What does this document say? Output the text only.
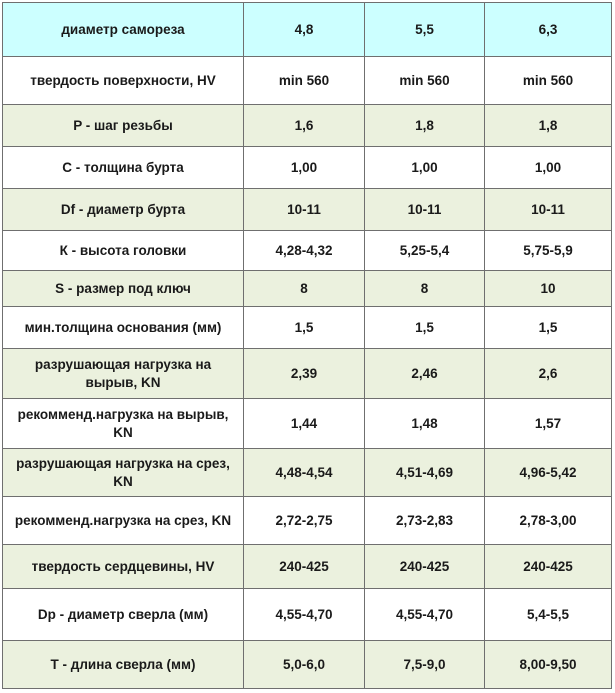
диаметр самореза	4,8	5,5	6,3
твердость поверхности, HV	min 560	min 560	min 560
P - шаг резьбы	1,6	1,8	1,8
С - толщина бурта	1,00	1,00	1,00
Df - диаметр бурта	10-11	10-11	10-11
К - высота головки	4,28-4,32	5,25-5,4	5,75-5,9
S - размер под ключ	8	8	10
мин.толщина основания (мм)	1,5	1,5	1,5
разрушающая нагрузка на вырыв, KN	2,39	2,46	2,6
рекомменд.нагрузка на вырыв, KN	1,44	1,48	1,57
разрушающая нагрузка на срез, KN	4,48-4,54	4,51-4,69	4,96-5,42
рекомменд.нагрузка на срез, KN	2,72-2,75	2,73-2,83	2,78-3,00
твердость сердцевины, HV	240-425	240-425	240-425
Dp - диаметр сверла (мм)	4,55-4,70	4,55-4,70	5,4-5,5
Т - длина сверла (мм)	5,0-6,0	7,5-9,0	8,00-9,50
